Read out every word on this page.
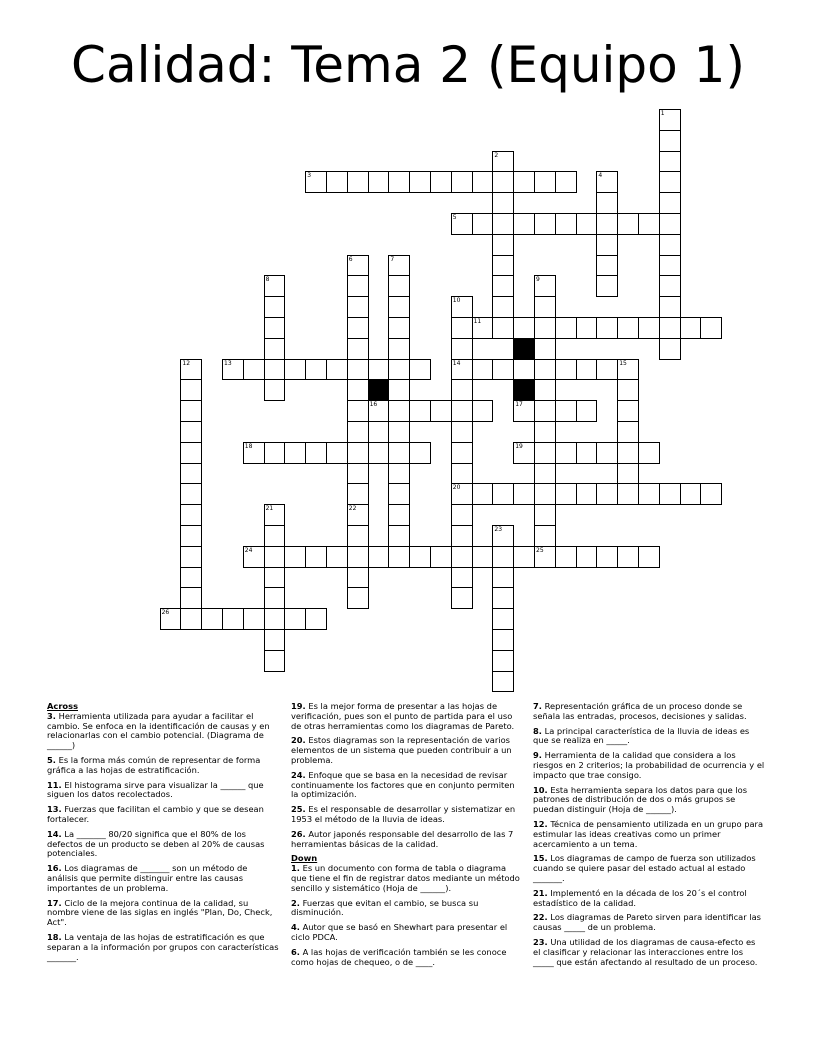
Calidad: Tema 2 (Equipo 1)
1
2
3	4
5
6	7
8	9
10
11
12	13	14	15
16	17
18	19
20
21	22
23
24	25
26
Across
3. Herramienta utilizada para ayudar a facilitar el cambio. Se enfoca en la identificación de causas y en relacionarlas con el cambio potencial. (Diagrama de ______)
5. Es la forma más común de representar de forma gráfica a las hojas de estratificación.
11. El histograma sirve para visualizar la ______ que siguen los datos recolectados.
13. Fuerzas que facilitan el cambio y que se desean fortalecer.
14. La _______ 80/20 significa que el 80% de los defectos de un producto se deben al 20% de causas potenciales.
16. Los diagramas de _______ son un método de análisis que permite distinguir entre las causas importantes de un problema.
17. Ciclo de la mejora continua de la calidad, su nombre viene de las siglas en inglés "Plan, Do, Check, Act".
18. La ventaja de las hojas de estratificación es que separan a la información por grupos con características _______.
19. Es la mejor forma de presentar a las hojas de verificación, pues son el punto de partida para el uso de otras herramientas como los diagramas de Pareto.
20. Estos diagramas son la representación de varios elementos de un sistema que pueden contribuir a un problema.
24. Enfoque que se basa en la necesidad de revisar continuamente los factores que en conjunto permiten la optimización.
25. Es el responsable de desarrollar y sistematizar en 1953 el método de la lluvia de ideas.
26. Autor japonés responsable del desarrollo de las 7 herramientas básicas de la calidad.
Down
1. Es un documento con forma de tabla o diagrama que tiene el fin de registrar datos mediante un método sencillo y sistemático (Hoja de ______).
2. Fuerzas que evitan el cambio, se busca su disminución.
4. Autor que se basó en Shewhart para presentar el ciclo PDCA.
6. A las hojas de verificación también se les conoce como hojas de chequeo, o de ____.
7. Representación gráfica de un proceso donde se señala las entradas, procesos, decisiones y salidas.
8. La principal característica de la lluvia de ideas es que se realiza en _____.
9. Herramienta de la calidad que considera a los riesgos en 2 criterios; la probabilidad de ocurrencia y el impacto que trae consigo.
10. Esta herramienta separa los datos para que los patrones de distribución de dos o más grupos se puedan distinguir (Hoja de ______).
12. Técnica de pensamiento utilizada en un grupo para estimular las ideas creativas como un primer acercamiento a un tema.
15. Los diagramas de campo de fuerza son utilizados cuando se quiere pasar del estado actual al estado _______.
21. Implementó en la década de los 20´s el control estadístico de la calidad.
22. Los diagramas de Pareto sirven para identificar las causas _____ de un problema.
23. Una utilidad de los diagramas de causa-efecto es el clasificar y relacionar las interacciones entre los _____ que están afectando al resultado de un proceso.
